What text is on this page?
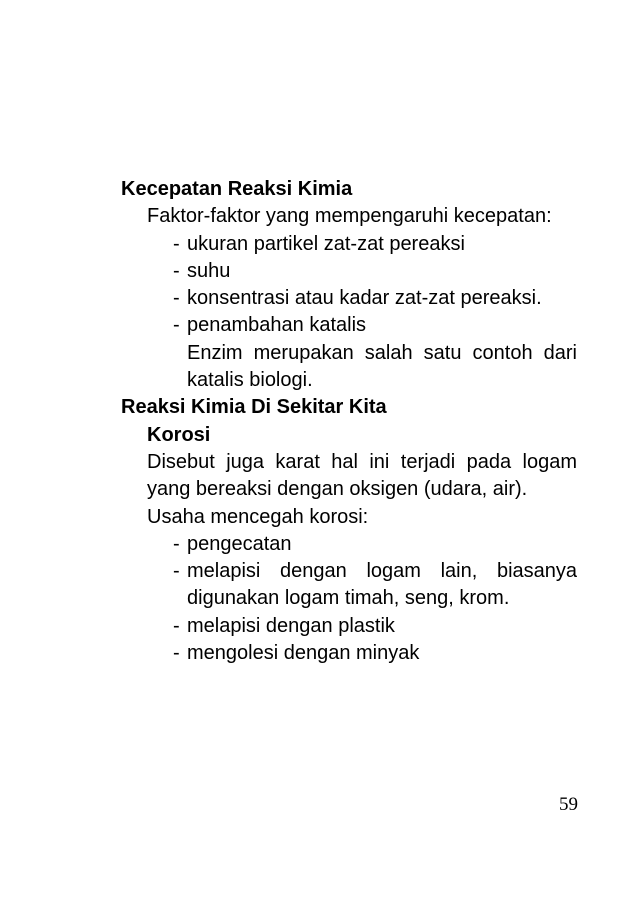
Kecepatan Reaksi Kimia
Faktor-faktor yang mempengaruhi kecepatan:
- ukuran partikel zat-zat pereaksi
- suhu
- konsentrasi atau kadar zat-zat pereaksi.
- penambahan katalis
Enzim merupakan salah satu contoh dari katalis biologi.
Reaksi Kimia Di Sekitar Kita
Korosi
Disebut juga karat hal ini terjadi pada logam yang bereaksi dengan oksigen (udara, air).
Usaha mencegah korosi:
- pengecatan
- melapisi dengan logam lain, biasanya digunakan logam timah, seng, krom.
- melapisi dengan plastik
- mengolesi dengan minyak
59
